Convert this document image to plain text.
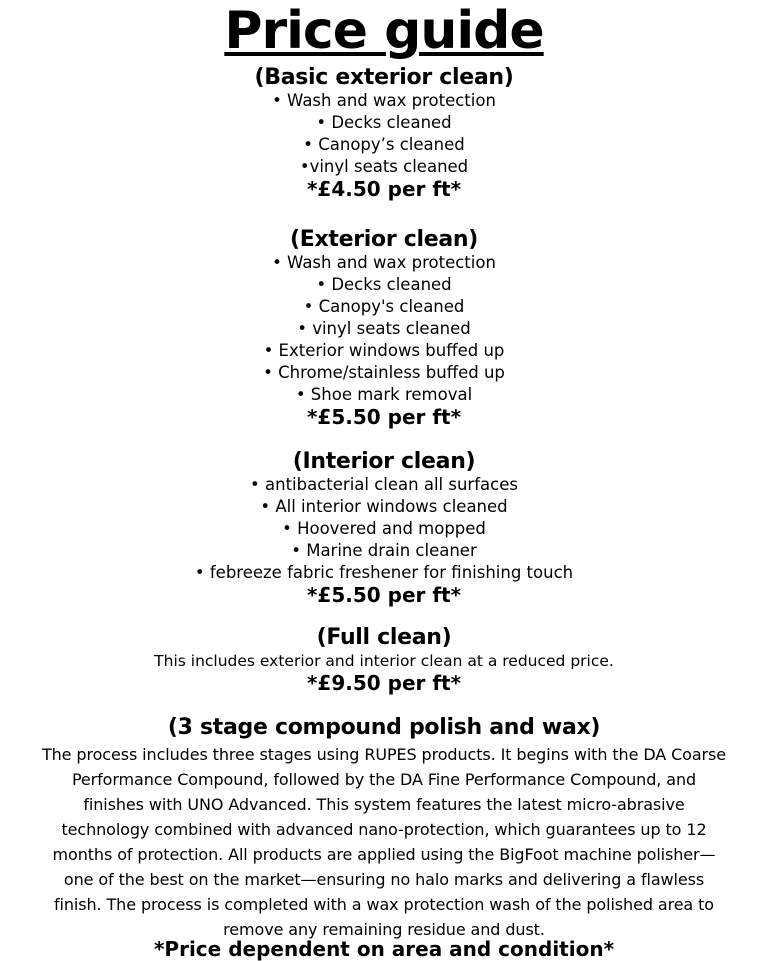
Price guide
(Basic exterior clean)
• Wash and wax protection
• Decks cleaned
• Canopy’s cleaned
•vinyl seats cleaned
*£4.50 per ft*
(Exterior clean)
• Wash and wax protection
• Decks cleaned
• Canopy's cleaned
• vinyl seats cleaned
• Exterior windows buffed up
• Chrome/stainless buffed up
• Shoe mark removal
*£5.50 per ft*
(Interior clean)
• antibacterial clean all surfaces
• All interior windows cleaned
• Hoovered and mopped
• Marine drain cleaner
• febreeze fabric freshener for finishing touch
*£5.50 per ft*
(Full clean)
This includes exterior and interior clean at a reduced price.
*£9.50 per ft*
(3 stage compound polish and wax)
The process includes three stages using RUPES products. It begins with the DA Coarse
Performance Compound, followed by the DA Fine Performance Compound, and
finishes with UNO Advanced. This system features the latest micro-abrasive
technology combined with advanced nano-protection, which guarantees up to 12
months of protection. All products are applied using the BigFoot machine polisher—
one of the best on the market—ensuring no halo marks and delivering a flawless
finish. The process is completed with a wax protection wash of the polished area to
remove any remaining residue and dust.
*Price dependent on area and condition*
